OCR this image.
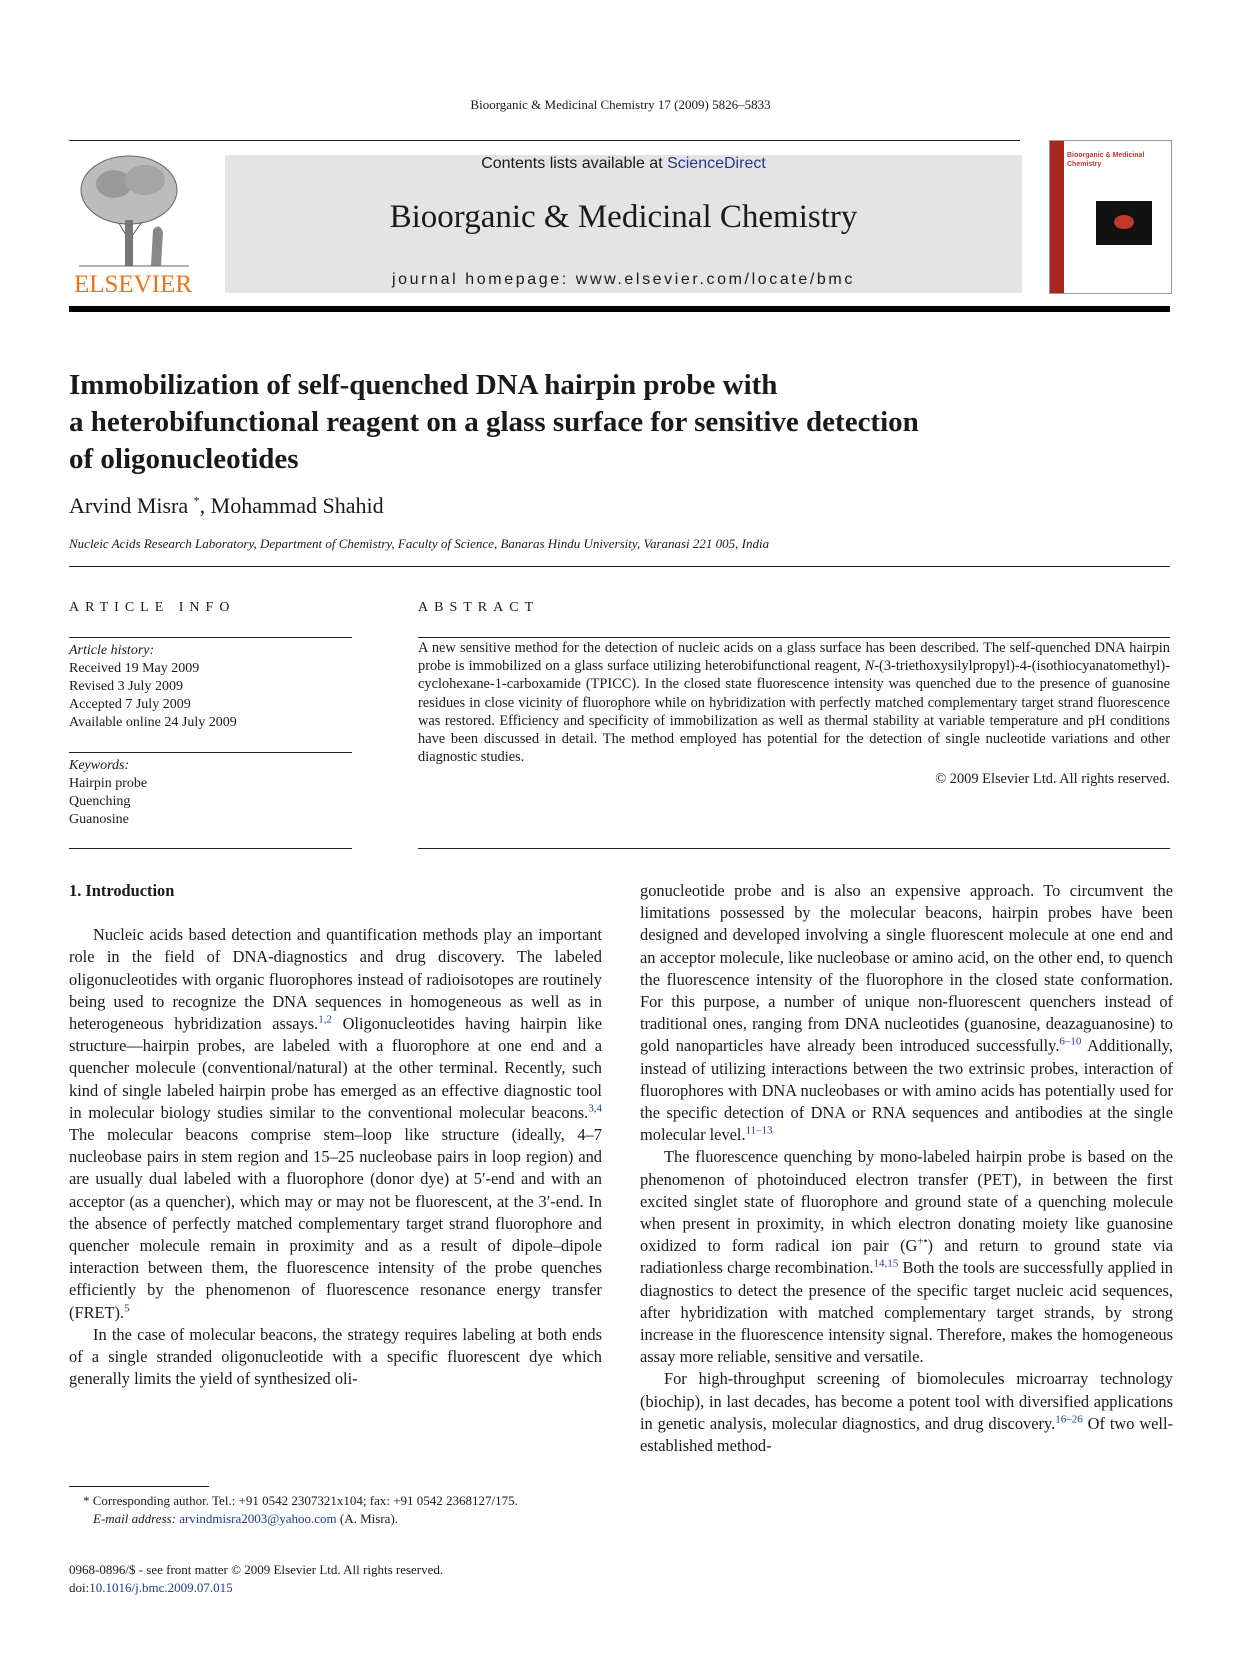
Bioorganic & Medicinal Chemistry 17 (2009) 5826–5833
ELSEVIER
Contents lists available at ScienceDirect
Bioorganic & Medicinal Chemistry
journal homepage: www.elsevier.com/locate/bmc
Bioorganic & Medicinal Chemistry
Immobilization of self-quenched DNA hairpin probe with
a heterobifunctional reagent on a glass surface for sensitive detection
of oligonucleotides
Arvind Misra *, Mohammad Shahid
Nucleic Acids Research Laboratory, Department of Chemistry, Faculty of Science, Banaras Hindu University, Varanasi 221 005, India
ARTICLE INFO	ABSTRACT
Article history:
Received 19 May 2009
Revised 3 July 2009
Accepted 7 July 2009
Available online 24 July 2009
Keywords:
Hairpin probe
Quenching
Guanosine
A new sensitive method for the detection of nucleic acids on a glass surface has been described. The self-quenched DNA hairpin probe is immobilized on a glass surface utilizing heterobifunctional reagent, N-(3-triethoxysilylpropyl)-4-(isothiocyanatomethyl)-cyclohexane-1-carboxamide (TPICC). In the closed state fluorescence intensity was quenched due to the presence of guanosine residues in close vicinity of fluorophore while on hybridization with perfectly matched complementary target strand fluorescence was restored. Efficiency and specificity of immobilization as well as thermal stability at variable temperature and pH conditions have been discussed in detail. The method employed has potential for the detection of single nucleotide variations and other diagnostic studies.
© 2009 Elsevier Ltd. All rights reserved.
1. Introduction

Nucleic acids based detection and quantification methods play an important role in the field of DNA-diagnostics and drug discovery. The labeled oligonucleotides with organic fluorophores instead of radioisotopes are routinely being used to recognize the DNA sequences in homogeneous as well as in heterogeneous hybridization assays.$^{1,2}$ Oligonucleotides having hairpin like structure—hairpin probes, are labeled with a fluorophore at one end and a quencher molecule (conventional/natural) at the other terminal. Recently, such kind of single labeled hairpin probe has emerged as an effective diagnostic tool in molecular biology studies similar to the conventional molecular beacons.$^{3,4}$ The molecular beacons comprise stem–loop like structure (ideally, 4–7 nucleobase pairs in stem region and 15–25 nucleobase pairs in loop region) and are usually dual labeled with a fluorophore (donor dye) at 5′-end and with an acceptor (as a quencher), which may or may not be fluorescent, at the 3′-end. In the absence of perfectly matched complementary target strand fluorophore and quencher molecule remain in proximity and as a result of dipole–dipole interaction between them, the fluorescence intensity of the probe quenches efficiently by the phenomenon of fluorescence resonance energy transfer (FRET).$^5$

In the case of molecular beacons, the strategy requires labeling at both ends of a single stranded oligonucleotide with a specific fluorescent dye which generally limits the yield of synthesized oli-

gonucleotide probe and is also an expensive approach. To circumvent the limitations possessed by the molecular beacons, hairpin probes have been designed and developed involving a single fluorescent molecule at one end and an acceptor molecule, like nucleobase or amino acid, on the other end, to quench the fluorescence intensity of the fluorophore in the closed state conformation. For this purpose, a number of unique non-fluorescent quenchers instead of traditional ones, ranging from DNA nucleotides (guanosine, deazaguanosine) to gold nanoparticles have already been introduced successfully.$^{6-10}$ Additionally, instead of utilizing interactions between the two extrinsic probes, interaction of fluorophores with DNA nucleobases or with amino acids has potentially used for the specific detection of DNA or RNA sequences and antibodies at the single molecular level.$^{11-13}$

The fluorescence quenching by mono-labeled hairpin probe is based on the phenomenon of photoinduced electron transfer (PET), in between the first excited singlet state of fluorophore and ground state of a quenching molecule when present in proximity, in which electron donating moiety like guanosine oxidized to form radical ion pair (G+•) and return to ground state via radiationless charge recombination.$^{14,15}$ Both the tools are successfully applied in diagnostics to detect the presence of the specific target nucleic acid sequences, after hybridization with matched complementary target strands, by strong increase in the fluorescence intensity signal. Therefore, makes the homogeneous assay more reliable, sensitive and versatile.

For high-throughput screening of biomolecules microarray technology (biochip), in last decades, has become a potent tool with diversified applications in genetic analysis, molecular diagnostics, and drug discovery.$^{16-26}$ Of two well-established method-

* Corresponding author. Tel.: +91 0542 2307321x104; fax: +91 0542 2368127/175.
E-mail address: arvindmisra2003@yahoo.com (A. Misra).
0968-0896/$ - see front matter © 2009 Elsevier Ltd. All rights reserved.
doi:10.1016/j.bmc.2009.07.015
